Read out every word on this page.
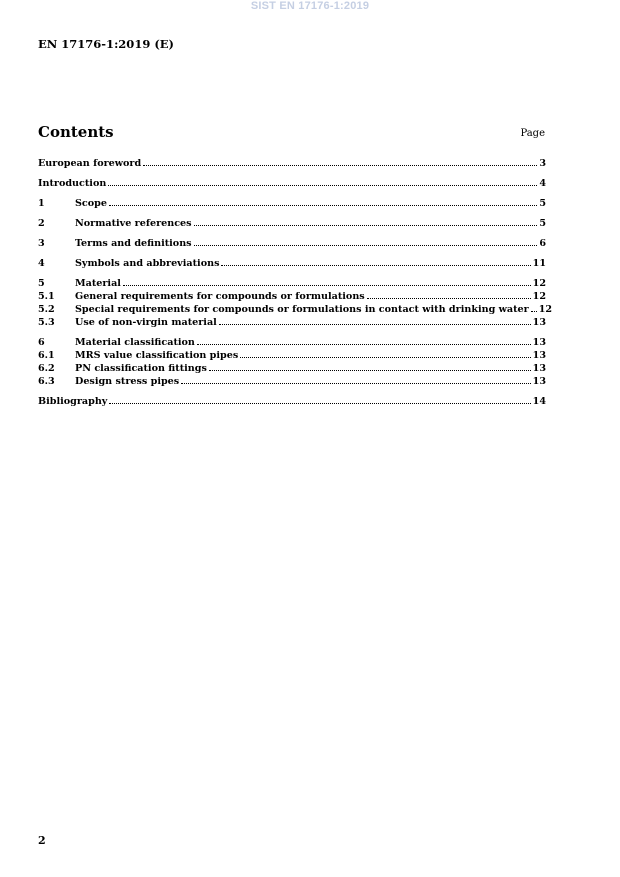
SIST EN 17176-1:2019
EN 17176-1:2019 (E)
Contents	Page
European foreword	3
Introduction	4
1	Scope	5
2	Normative references	5
3	Terms and definitions	6
4	Symbols and abbreviations	11
5	Material	12
5.1	General requirements for compounds or formulations	12
5.2	Special requirements for compounds or formulations in contact with drinking water 12
5.3	Use of non-virgin material	13
6	Material classification	13
6.1	MRS value classification pipes	13
6.2	PN classification fittings	13
6.3	Design stress pipes	13
Bibliography	14
2
